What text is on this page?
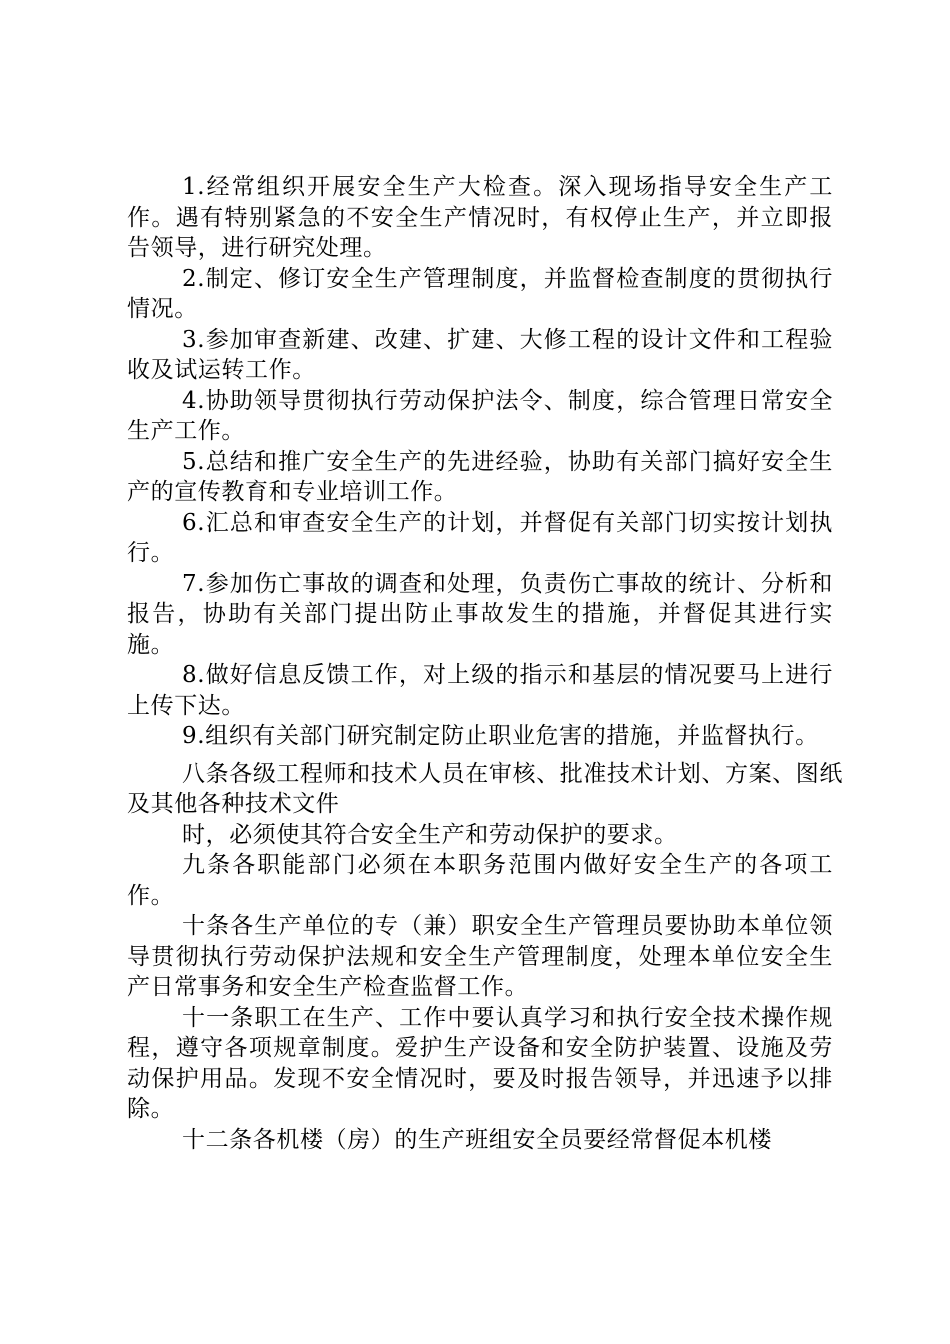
1.经常组织开展安全生产大检查。深入现场指导安全生产工作。遇有特别紧急的不安全生产情况时，有权停止生产，并立即报告领导，进行研究处理。

2.制定、修订安全生产管理制度，并监督检查制度的贯彻执行情况。

3.参加审查新建、改建、扩建、大修工程的设计文件和工程验收及试运转工作。

4.协助领导贯彻执行劳动保护法令、制度，综合管理日常安全生产工作。

5.总结和推广安全生产的先进经验，协助有关部门搞好安全生产的宣传教育和专业培训工作。

6.汇总和审查安全生产的计划，并督促有关部门切实按计划执行。

7.参加伤亡事故的调查和处理，负责伤亡事故的统计、分析和报告，协助有关部门提出防止事故发生的措施，并督促其进行实施。

8.做好信息反馈工作，对上级的指示和基层的情况要马上进行上传下达。

9.组织有关部门研究制定防止职业危害的措施，并监督执行。

八条各级工程师和技术人员在审核、批准技术计划、方案、图纸及其他各种技术文件

时，必须使其符合安全生产和劳动保护的要求。

九条各职能部门必须在本职务范围内做好安全生产的各项工作。

十条各生产单位的专（兼）职安全生产管理员要协助本单位领导贯彻执行劳动保护法规和安全生产管理制度，处理本单位安全生产日常事务和安全生产检查监督工作。

十一条职工在生产、工作中要认真学习和执行安全技术操作规程，遵守各项规章制度。爱护生产设备和安全防护装置、设施及劳动保护用品。发现不安全情况时，要及时报告领导，并迅速予以排除。

十二条各机楼（房）的生产班组安全员要经常督促本机楼
